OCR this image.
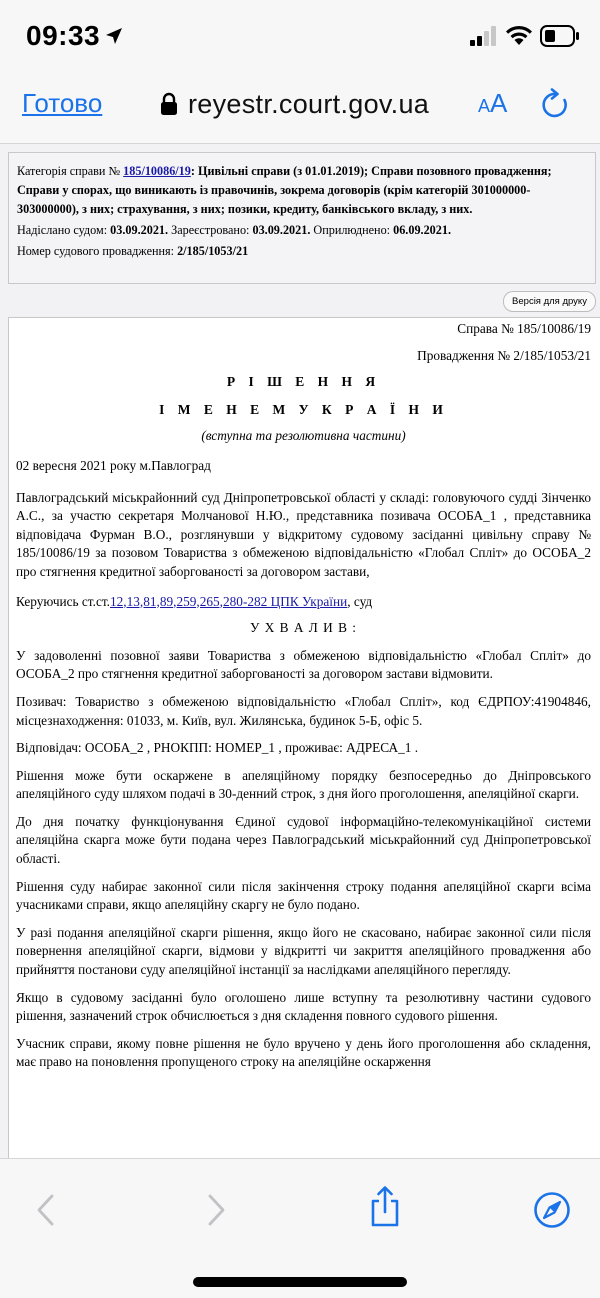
09:33
Готово	reyestr.court.gov.ua	AA

Категорія справи № 185/10086/19: Цивільні справи (з 01.01.2019); Справи позовного провадження; Справи у спорах, що виникають із правочинів, зокрема договорів (крім категорій 301000000-303000000), з них; страхування, з них; позики, кредиту, банківського вкладу, з них.

Надіслано судом: 03.09.2021. Зареєстровано: 03.09.2021. Оприлюднено: 06.09.2021.

Номер судового провадження: 2/185/1053/21

Версія для друку

Справа № 185/10086/19

Провадження № 2/185/1053/21

Р І Ш Е Н Н Я

І М Е Н Е М У К Р А Ї Н И

(вступна та резолютивна частини)

02 вересня 2021 року м.Павлоград

Павлоградський міськрайонний суд Дніпропетровської області у складі: головуючого судді Зінченко А.С., за участю секретаря Молчанової Н.Ю., представника позивача ОСОБА_1 , представника відповідача Фурман В.О., розглянувши у відкритому судовому засіданні цивільну справу № 185/10086/19 за позовом Товариства з обмеженою відповідальністю «Глобал Спліт» до ОСОБА_2 про стягнення кредитної заборгованості за договором застави,

Керуючись ст.ст.12,13,81,89,259,265,280-282 ЦПК України, суд

У Х В А Л И В :

У задоволенні позовної заяви Товариства з обмеженою відповідальністю «Глобал Спліт» до ОСОБА_2 про стягнення кредитної заборгованості за договором застави відмовити.

Позивач: Товариство з обмеженою відповідальністю «Глобал Спліт», код ЄДРПОУ:41904846, місцезнаходження: 01033, м. Київ, вул. Жилянська, будинок 5-Б, офіс 5.

Відповідач: ОСОБА_2 , РНОКПП: НОМЕР_1 , проживає: АДРЕСА_1 .

Рішення може бути оскаржене в апеляційному порядку безпосередньо до Дніпровського апеляційного суду шляхом подачі в 30-денний строк, з дня його проголошення, апеляційної скарги.

До дня початку функціонування Єдиної судової інформаційно-телекомунікаційної системи апеляційна скарга може бути подана через Павлоградський міськрайонний суд Дніпропетровської області.

Рішення суду набирає законної сили після закінчення строку подання апеляційної скарги всіма учасниками справи, якщо апеляційну скаргу не було подано.

У разі подання апеляційної скарги рішення, якщо його не скасовано, набирає законної сили після повернення апеляційної скарги, відмови у відкритті чи закриття апеляційного провадження або прийняття постанови суду апеляційної інстанції за наслідками апеляційного перегляду.

Якщо в судовому засіданні було оголошено лише вступну та резолютивну частини судового рішення, зазначений строк обчислюється з дня складення повного судового рішення.

Учасник справи, якому повне рішення не було вручено у день його проголошення або складення, має право на поновлення пропущеного строку на апеляційне оскарження
